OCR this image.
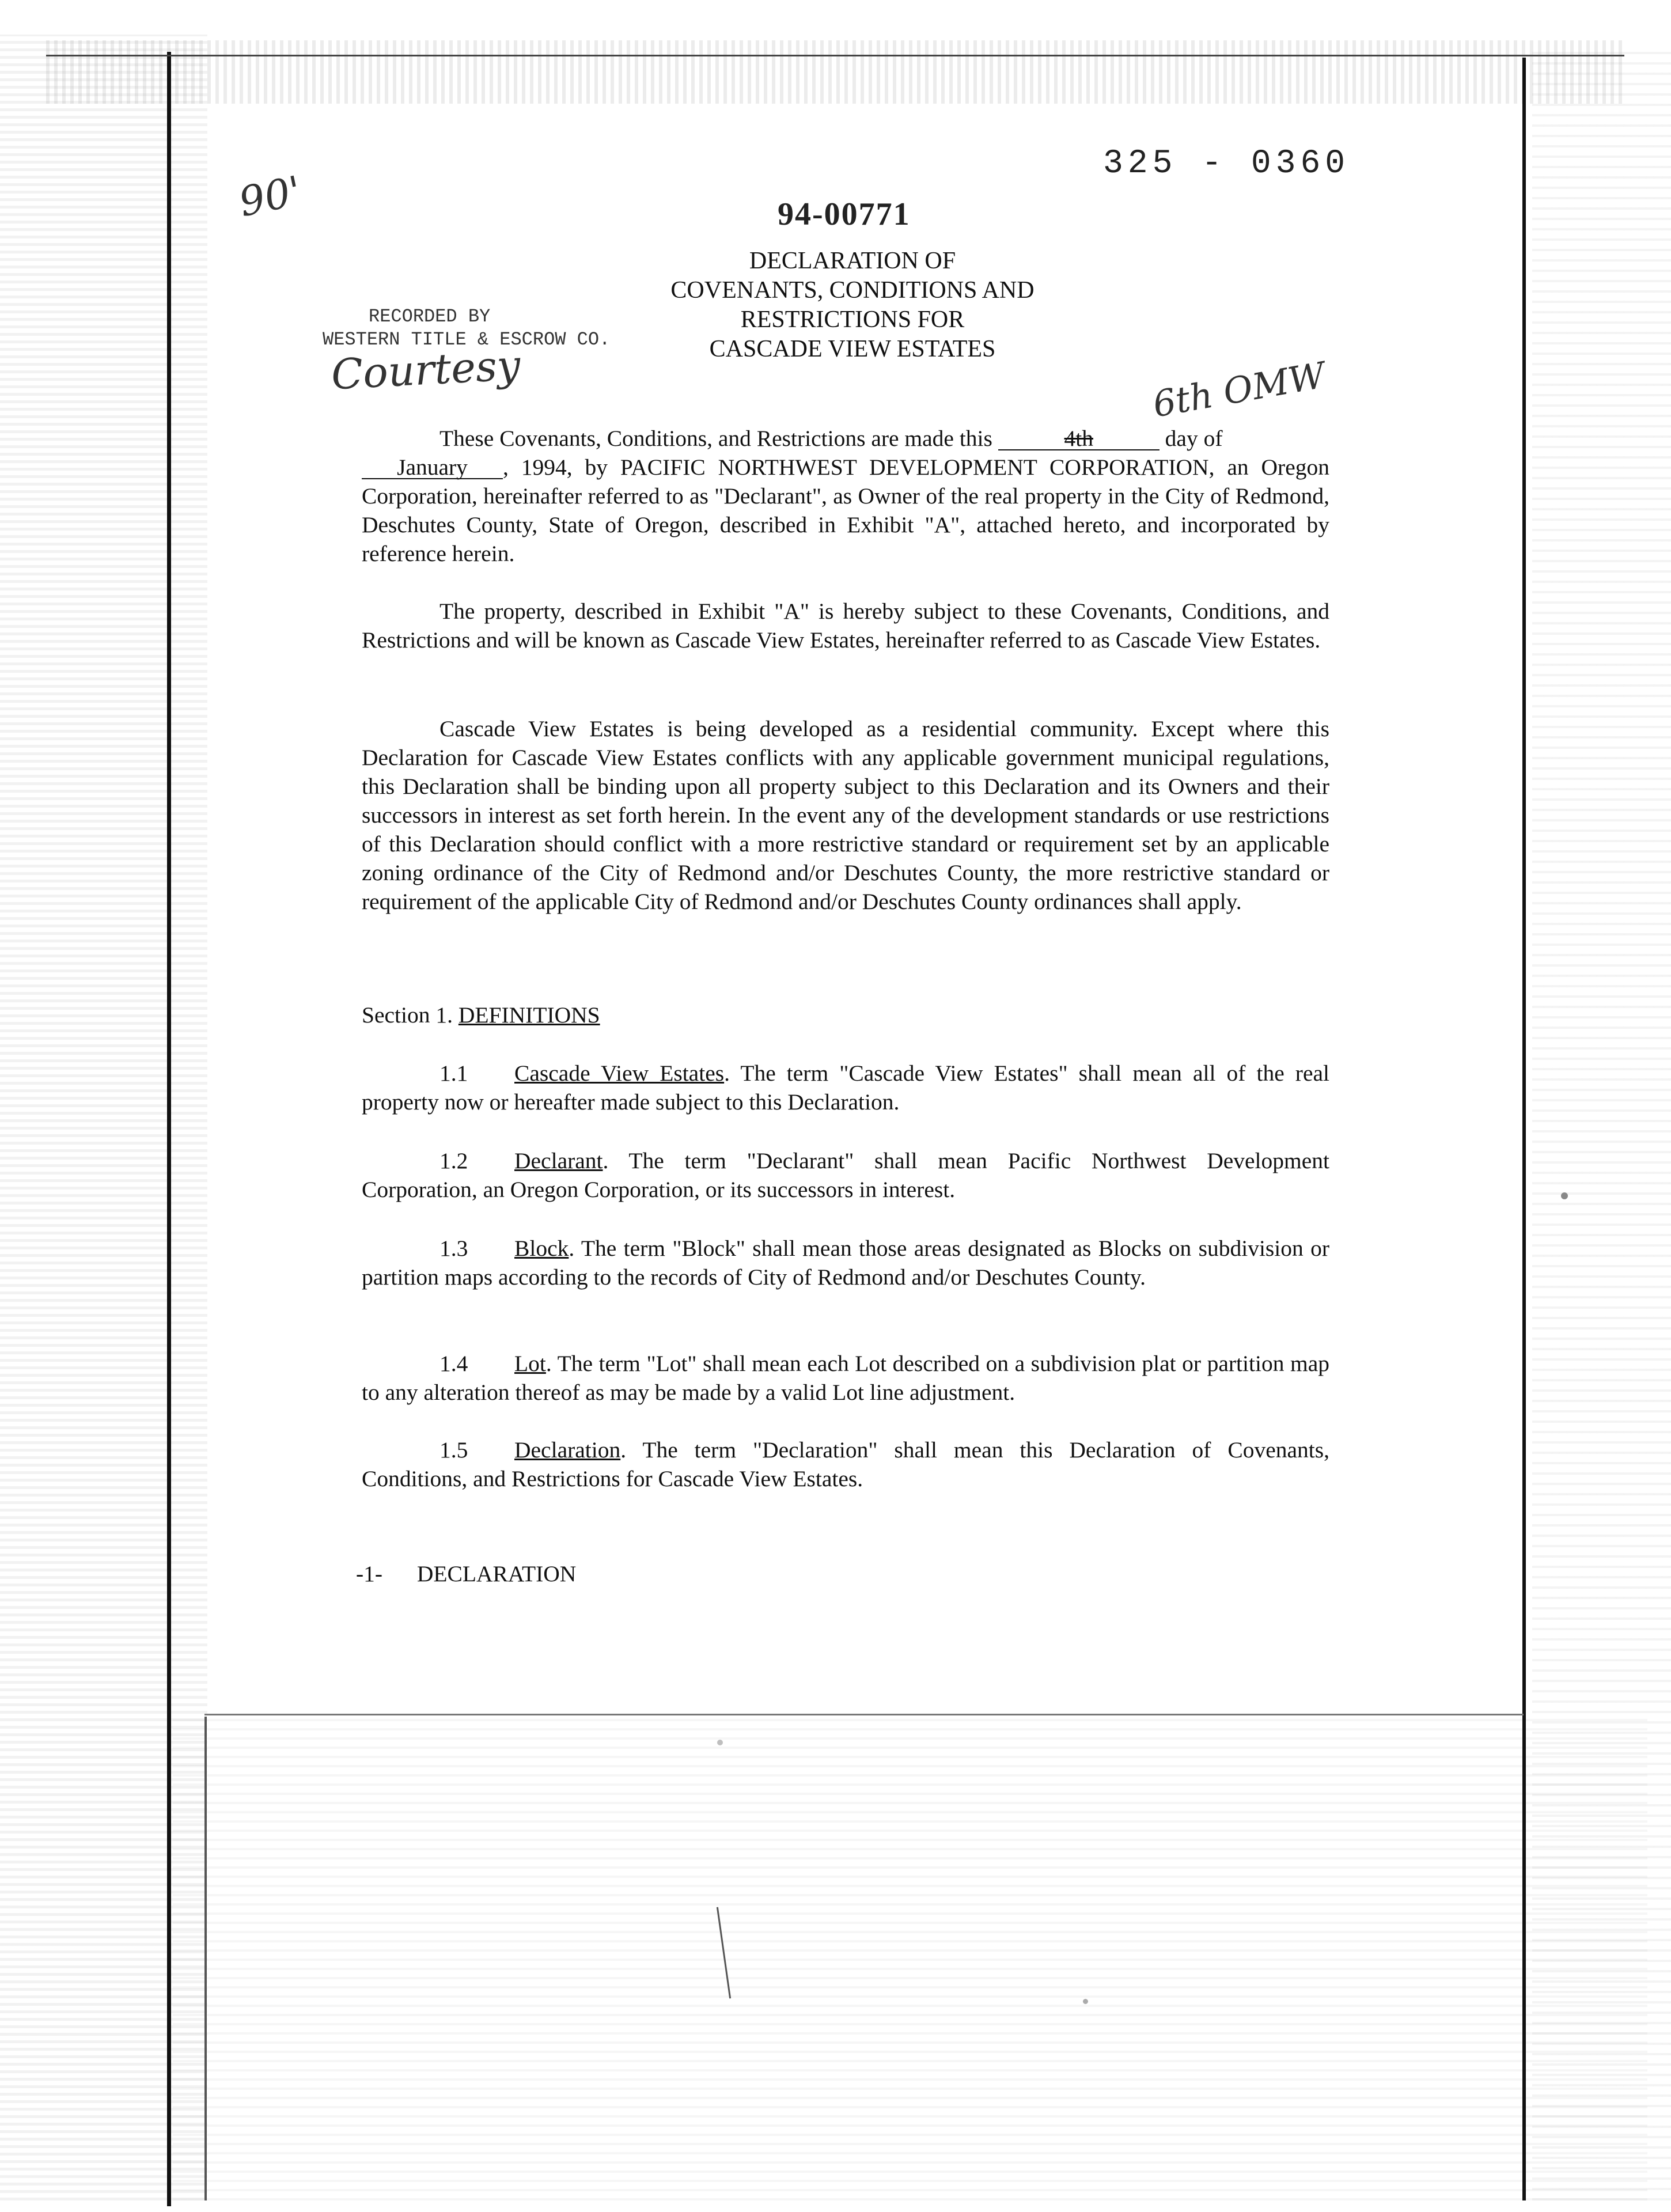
325 - 0360
94-00771
90'
DECLARATION OF
COVENANTS, CONDITIONS AND
RESTRICTIONS FOR
CASCADE VIEW ESTATES
RECORDED BY
WESTERN TITLE & ESCROW CO.
Courtesy	6th OMW
These Covenants, Conditions, and Restrictions are made this	4th	day of
January , 1994, by PACIFIC NORTHWEST DEVELOPMENT CORPORATION, an Oregon Corporation, hereinafter referred to as "Declarant", as Owner of the real property in the City of Redmond, Deschutes County, State of Oregon, described in Exhibit "A", attached hereto, and incorporated by reference herein.
The property, described in Exhibit "A" is hereby subject to these Covenants, Conditions, and Restrictions and will be known as Cascade View Estates, hereinafter referred to as Cascade View Estates.
Cascade View Estates is being developed as a residential community. Except where this Declaration for Cascade View Estates conflicts with any applicable government municipal regulations, this Declaration shall be binding upon all property subject to this Declaration and its Owners and their successors in interest as set forth herein. In the event any of the development standards or use restrictions of this Declaration should conflict with a more restrictive standard or requirement set by an applicable zoning ordinance of the City of Redmond and/or Deschutes County, the more restrictive standard or requirement of the applicable City of Redmond and/or Deschutes County ordinances shall apply.
Section 1. DEFINITIONS
1.1 Cascade View Estates. The term "Cascade View Estates" shall mean all of the real property now or hereafter made subject to this Declaration.
1.2 Declarant. The term "Declarant" shall mean Pacific Northwest Development Corporation, an Oregon Corporation, or its successors in interest.
1.3 Block. The term "Block" shall mean those areas designated as Blocks on subdivision or partition maps according to the records of City of Redmond and/or Deschutes County.
1.4 Lot. The term "Lot" shall mean each Lot described on a subdivision plat or partition map to any alteration thereof as may be made by a valid Lot line adjustment.
1.5 Declaration. The term "Declaration" shall mean this Declaration of Covenants, Conditions, and Restrictions for Cascade View Estates.
-1- DECLARATION
